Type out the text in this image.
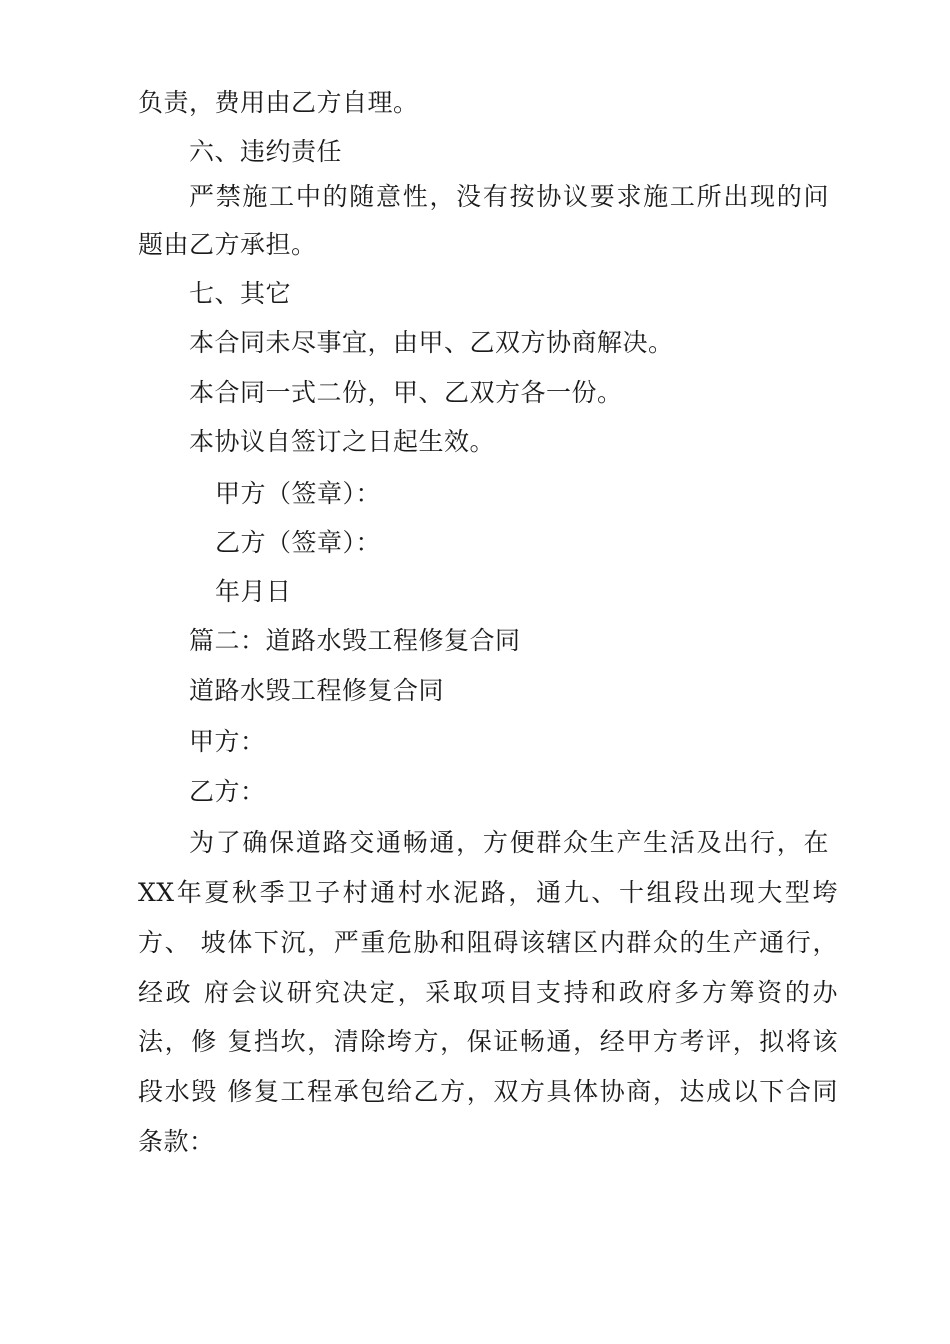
负责，费用由乙方自理。
六、违约责任
严禁施工中的随意性，没有按协议要求施工所出现的问
题由乙方承担。
七、其它
本合同未尽事宜，由甲、乙双方协商解决。
本合同一式二份，甲、乙双方各一份。
本协议自签订之日起生效。
甲方（签章）：
乙方（签章）：
年月日
篇二：道路水毁工程修复合同
道路水毁工程修复合同
甲方：
乙方：
为了确保道路交通畅通，方便群众生产生活及出行，在
XX年夏秋季卫子村通村水泥路，通九、十组段出现大型垮
方、 坡体下沉，严重危胁和阻碍该辖区内群众的生产通行，
经政 府会议研究决定，采取项目支持和政府多方筹资的办
法，修 复挡坎，清除垮方，保证畅通，经甲方考评，拟将该
段水毁 修复工程承包给乙方，双方具体协商，达成以下合同
条款：
